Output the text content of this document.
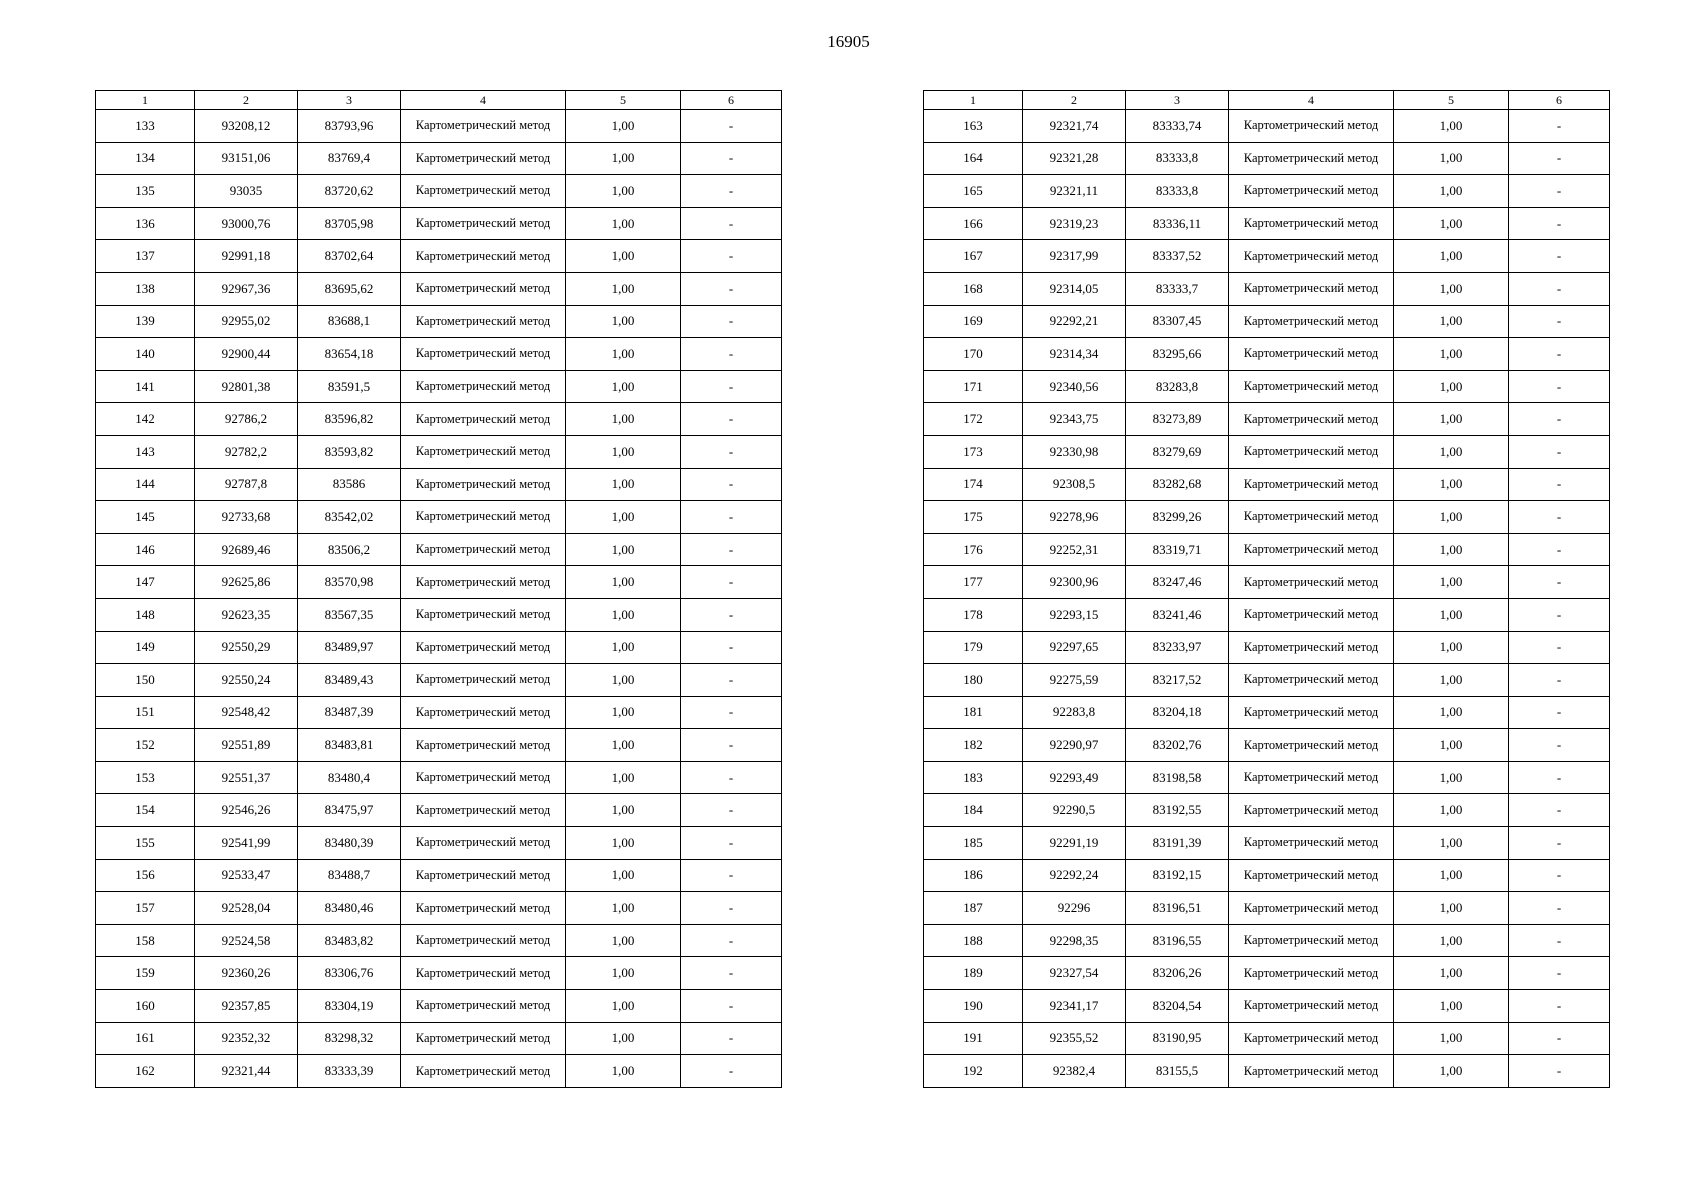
16905
1	2	3	4	5	6
133	93208,12	83793,96	Картометрический метод	1,00	-
134	93151,06	83769,4	Картометрический метод	1,00	-
135	93035	83720,62	Картометрический метод	1,00	-
136	93000,76	83705,98	Картометрический метод	1,00	-
137	92991,18	83702,64	Картометрический метод	1,00	-
138	92967,36	83695,62	Картометрический метод	1,00	-
139	92955,02	83688,1	Картометрический метод	1,00	-
140	92900,44	83654,18	Картометрический метод	1,00	-
141	92801,38	83591,5	Картометрический метод	1,00	-
142	92786,2	83596,82	Картометрический метод	1,00	-
143	92782,2	83593,82	Картометрический метод	1,00	-
144	92787,8	83586	Картометрический метод	1,00	-
145	92733,68	83542,02	Картометрический метод	1,00	-
146	92689,46	83506,2	Картометрический метод	1,00	-
147	92625,86	83570,98	Картометрический метод	1,00	-
148	92623,35	83567,35	Картометрический метод	1,00	-
149	92550,29	83489,97	Картометрический метод	1,00	-
150	92550,24	83489,43	Картометрический метод	1,00	-
151	92548,42	83487,39	Картометрический метод	1,00	-
152	92551,89	83483,81	Картометрический метод	1,00	-
153	92551,37	83480,4	Картометрический метод	1,00	-
154	92546,26	83475,97	Картометрический метод	1,00	-
155	92541,99	83480,39	Картометрический метод	1,00	-
156	92533,47	83488,7	Картометрический метод	1,00	-
157	92528,04	83480,46	Картометрический метод	1,00	-
158	92524,58	83483,82	Картометрический метод	1,00	-
159	92360,26	83306,76	Картометрический метод	1,00	-
160	92357,85	83304,19	Картометрический метод	1,00	-
161	92352,32	83298,32	Картометрический метод	1,00	-
162	92321,44	83333,39	Картометрический метод	1,00	-
1	2	3	4	5	6
163	92321,74	83333,74	Картометрический метод	1,00	-
164	92321,28	83333,8	Картометрический метод	1,00	-
165	92321,11	83333,8	Картометрический метод	1,00	-
166	92319,23	83336,11	Картометрический метод	1,00	-
167	92317,99	83337,52	Картометрический метод	1,00	-
168	92314,05	83333,7	Картометрический метод	1,00	-
169	92292,21	83307,45	Картометрический метод	1,00	-
170	92314,34	83295,66	Картометрический метод	1,00	-
171	92340,56	83283,8	Картометрический метод	1,00	-
172	92343,75	83273,89	Картометрический метод	1,00	-
173	92330,98	83279,69	Картометрический метод	1,00	-
174	92308,5	83282,68	Картометрический метод	1,00	-
175	92278,96	83299,26	Картометрический метод	1,00	-
176	92252,31	83319,71	Картометрический метод	1,00	-
177	92300,96	83247,46	Картометрический метод	1,00	-
178	92293,15	83241,46	Картометрический метод	1,00	-
179	92297,65	83233,97	Картометрический метод	1,00	-
180	92275,59	83217,52	Картометрический метод	1,00	-
181	92283,8	83204,18	Картометрический метод	1,00	-
182	92290,97	83202,76	Картометрический метод	1,00	-
183	92293,49	83198,58	Картометрический метод	1,00	-
184	92290,5	83192,55	Картометрический метод	1,00	-
185	92291,19	83191,39	Картометрический метод	1,00	-
186	92292,24	83192,15	Картометрический метод	1,00	-
187	92296	83196,51	Картометрический метод	1,00	-
188	92298,35	83196,55	Картометрический метод	1,00	-
189	92327,54	83206,26	Картометрический метод	1,00	-
190	92341,17	83204,54	Картометрический метод	1,00	-
191	92355,52	83190,95	Картометрический метод	1,00	-
192	92382,4	83155,5	Картометрический метод	1,00	-
